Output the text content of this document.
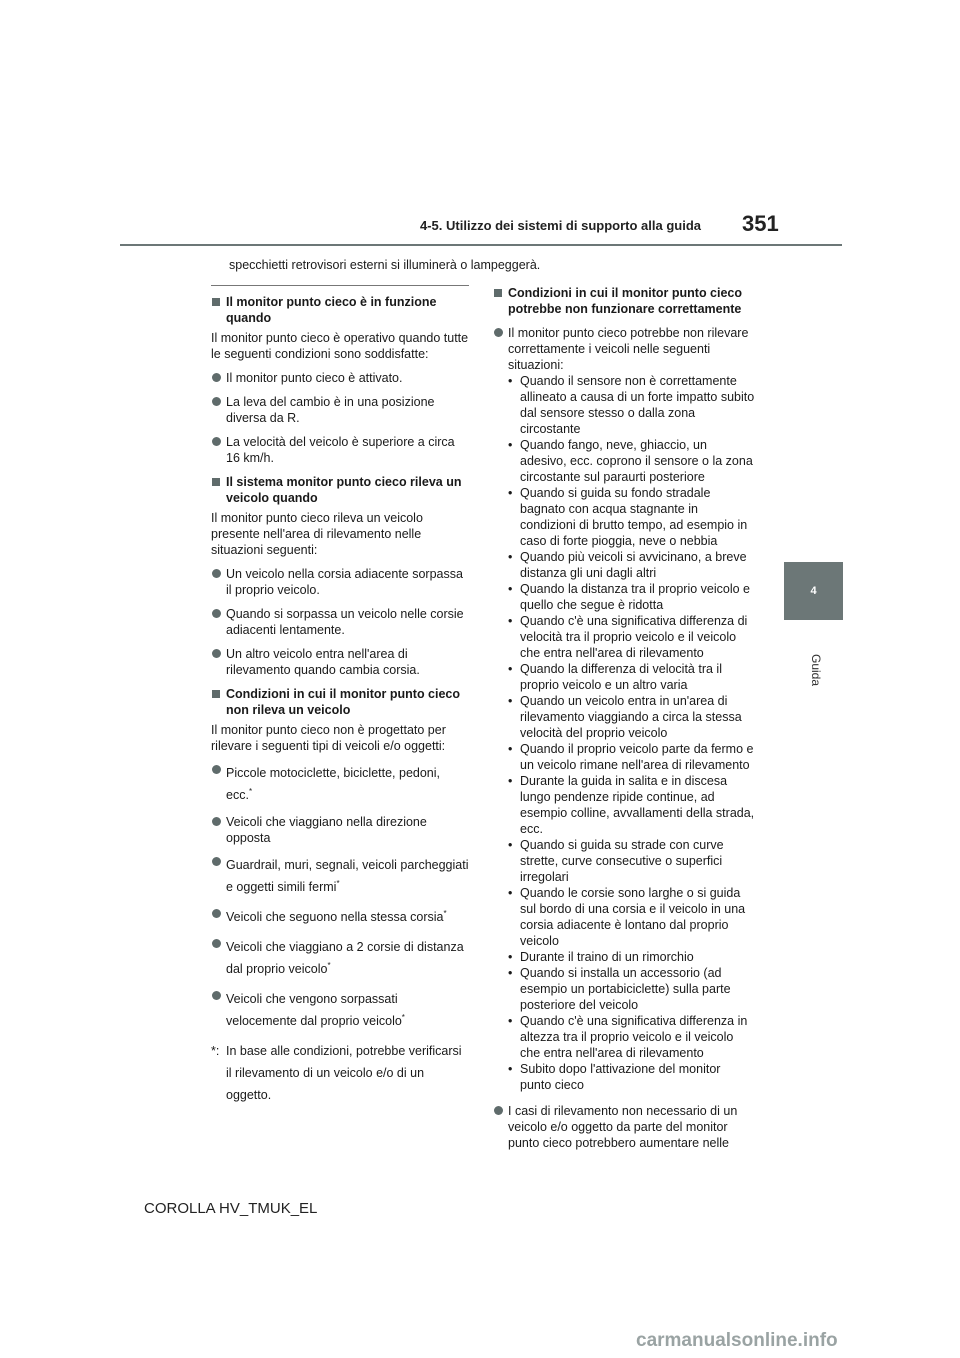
4-5. Utilizzo dei sistemi di supporto alla guida 351
4
Guida
specchietti retrovisori esterni si illuminerà o lampeggerà.
Il monitor punto cieco è in funzione quando
Il monitor punto cieco è operativo quando tutte le seguenti condizioni sono soddisfatte:
Il monitor punto cieco è attivato.
La leva del cambio è in una posizione diversa da R.
La velocità del veicolo è superiore a circa 16 km/h.
Il sistema monitor punto cieco rileva un veicolo quando
Il monitor punto cieco rileva un veicolo presente nell'area di rilevamento nelle situazioni seguenti:
Un veicolo nella corsia adiacente sorpassa il proprio veicolo.
Quando si sorpassa un veicolo nelle corsie adiacenti lentamente.
Un altro veicolo entra nell'area di rilevamento quando cambia corsia.
Condizioni in cui il monitor punto cieco non rileva un veicolo
Il monitor punto cieco non è progettato per rilevare i seguenti tipi di veicoli e/o oggetti:
Piccole motociclette, biciclette, pedoni, ecc.*
Veicoli che viaggiano nella direzione opposta
Guardrail, muri, segnali, veicoli parcheggiati e oggetti simili fermi*
Veicoli che seguono nella stessa corsia*
Veicoli che viaggiano a 2 corsie di distanza dal proprio veicolo*
Veicoli che vengono sorpassati velocemente dal proprio veicolo*
*: In base alle condizioni, potrebbe verificarsi il rilevamento di un veicolo e/o di un oggetto.
Condizioni in cui il monitor punto cieco potrebbe non funzionare correttamente
Il monitor punto cieco potrebbe non rilevare correttamente i veicoli nelle seguenti situazioni:
• Quando il sensore non è correttamente allineato a causa di un forte impatto subito dal sensore stesso o dalla zona circostante
• Quando fango, neve, ghiaccio, un adesivo, ecc. coprono il sensore o la zona circostante sul paraurti posteriore
• Quando si guida su fondo stradale bagnato con acqua stagnante in condizioni di brutto tempo, ad esempio in caso di forte pioggia, neve o nebbia
• Quando più veicoli si avvicinano, a breve distanza gli uni dagli altri
• Quando la distanza tra il proprio veicolo e quello che segue è ridotta
• Quando c'è una significativa differenza di velocità tra il proprio veicolo e il veicolo che entra nell'area di rilevamento
• Quando la differenza di velocità tra il proprio veicolo e un altro varia
• Quando un veicolo entra in un'area di rilevamento viaggiando a circa la stessa velocità del proprio veicolo
• Quando il proprio veicolo parte da fermo e un veicolo rimane nell'area di rilevamento
• Durante la guida in salita e in discesa lungo pendenze ripide continue, ad esempio colline, avvallamenti della strada, ecc.
• Quando si guida su strade con curve strette, curve consecutive o superfici irregolari
• Quando le corsie sono larghe o si guida sul bordo di una corsia e il veicolo in una corsia adiacente è lontano dal proprio veicolo
• Durante il traino di un rimorchio
• Quando si installa un accessorio (ad esempio un portabiciclette) sulla parte posteriore del veicolo
• Quando c'è una significativa differenza in altezza tra il proprio veicolo e il veicolo che entra nell'area di rilevamento
• Subito dopo l'attivazione del monitor punto cieco
I casi di rilevamento non necessario di un veicolo e/o oggetto da parte del monitor punto cieco potrebbero aumentare nelle
COROLLA HV_TMUK_EL
carmanualsonline.info
